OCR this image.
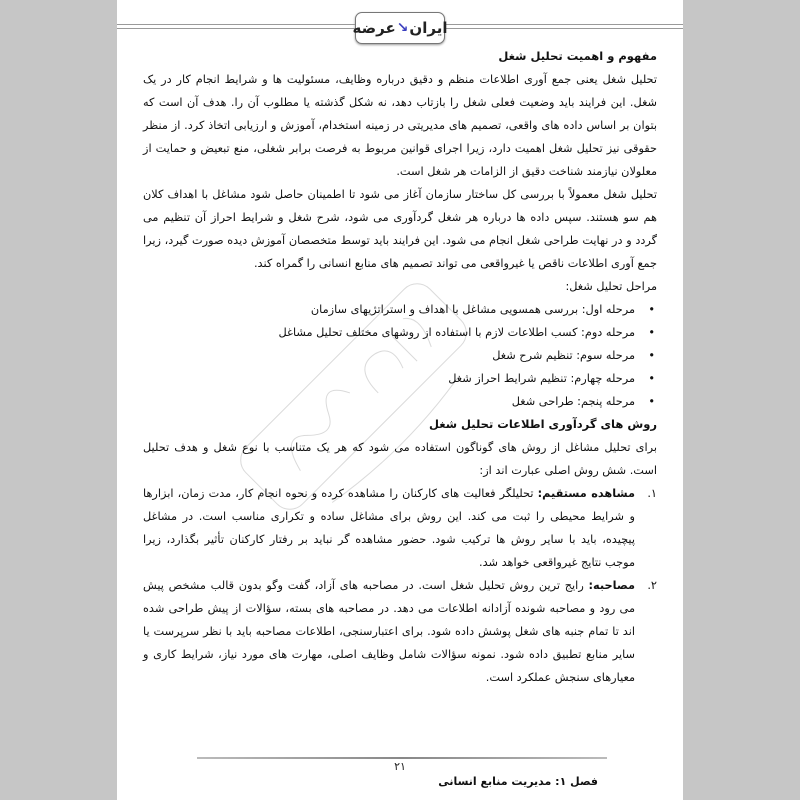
ایران
↘
عرضه
مفهوم و اهمیت تحلیل شغل

تحلیل شغل یعنی جمع آوری اطلاعات منظم و دقیق درباره وظایف، مسئولیت ها و شرایط انجام کار در یک شغل. این فرایند باید وضعیت فعلی شغل را بازتاب دهد، نه شکل گذشته یا مطلوب آن را. هدف آن است که بتوان بر اساس داده های واقعی، تصمیم های مدیریتی در زمینه استخدام، آموزش و ارزیابی اتخاذ کرد. از منظر حقوقی نیز تحلیل شغل اهمیت دارد، زیرا اجرای قوانین مربوط به فرصت برابر شغلی، منع تبعیض و حمایت از معلولان نیازمند شناخت دقیق از الزامات هر شغل است.

تحلیل شغل معمولاً با بررسی کل ساختار سازمان آغاز می شود تا اطمینان حاصل شود مشاغل با اهداف کلان هم سو هستند. سپس داده ها درباره هر شغل گردآوری می شود، شرح شغل و شرایط احراز آن تنظیم می گردد و در نهایت طراحی شغل انجام می شود. این فرایند باید توسط متخصصان آموزش دیده صورت گیرد، زیرا جمع آوری اطلاعات ناقص یا غیرواقعی می تواند تصمیم های منابع انسانی را گمراه کند.

مراحل تحلیل شغل:

• مرحله اول: بررسی همسویی مشاغل با اهداف و استراتژیهای سازمان
• مرحله دوم: کسب اطلاعات لازم با استفاده از روشهای مختلف تحلیل مشاغل
• مرحله سوم: تنظیم شرح شغل
• مرحله چهارم: تنظیم شرایط احراز شغل
• مرحله پنجم: طراحی شغل
روش های گردآوری اطلاعات تحلیل شغل

برای تحلیل مشاغل از روش های گوناگون استفاده می شود که هر یک متناسب با نوع شغل و هدف تحلیل است. شش روش اصلی عبارت اند از:

۱.
مشاهده مستقیم: تحلیلگر فعالیت های کارکنان را مشاهده کرده و نحوه انجام کار، مدت زمان، ابزارها و شرایط محیطی را ثبت می کند. این روش برای مشاغل ساده و تکراری مناسب است. در مشاغل پیچیده، باید با سایر روش ها ترکیب شود. حضور مشاهده گر نباید بر رفتار کارکنان تأثیر بگذارد، زیرا موجب نتایج غیرواقعی خواهد شد.
۲.
مصاحبه: رایج ترین روش تحلیل شغل است. در مصاحبه های آزاد، گفت وگو بدون قالب مشخص پیش می رود و مصاحبه شونده آزادانه اطلاعات می دهد. در مصاحبه های بسته، سؤالات از پیش طراحی شده اند تا تمام جنبه های شغل پوشش داده شود. برای اعتبارسنجی، اطلاعات مصاحبه باید با نظر سرپرست یا سایر منابع تطبیق داده شود. نمونه سؤالات شامل وظایف اصلی، مهارت های مورد نیاز، شرایط کاری و معیارهای سنجش عملکرد است.
۲۱
فصل ۱: مدیریت منابع انسانی
